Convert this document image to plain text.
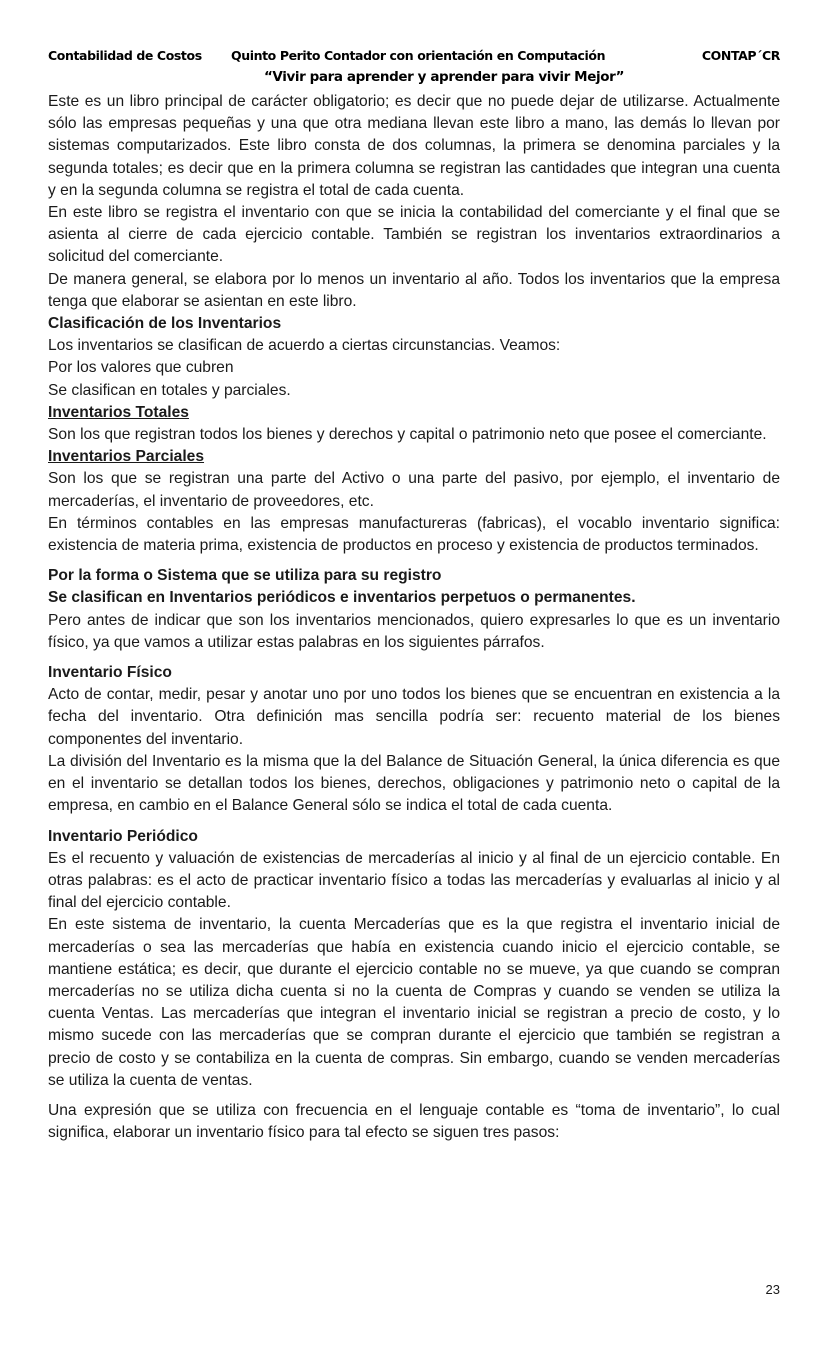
Contabilidad de Costos Quinto Perito Contador con orientación en Computación	CONTAP´CR
“Vivir para aprender y aprender para vivir Mejor”

Este es un libro principal de carácter obligatorio; es decir que no puede dejar de utilizarse. Actualmente sólo las empresas pequeñas y una que otra mediana llevan este libro a mano, las demás lo llevan por sistemas computarizados. Este libro consta de dos columnas, la primera se denomina parciales y la segunda totales; es decir que en la primera columna se registran las cantidades que integran una cuenta y en la segunda columna se registra el total de cada cuenta.

En este libro se registra el inventario con que se inicia la contabilidad del comerciante y el final que se asienta al cierre de cada ejercicio contable. También se registran los inventarios extraordinarios a solicitud del comerciante.

De manera general, se elabora por lo menos un inventario al año. Todos los inventarios que la empresa tenga que elaborar se asientan en este libro.

Clasificación de los Inventarios

Los inventarios se clasifican de acuerdo a ciertas circunstancias. Veamos:

Por los valores que cubren

Se clasifican en totales y parciales.

Inventarios Totales

Son los que registran todos los bienes y derechos y capital o patrimonio neto que posee el comerciante.

Inventarios Parciales

Son los que se registran una parte del Activo o una parte del pasivo, por ejemplo, el inventario de mercaderías, el inventario de proveedores, etc.

En términos contables en las empresas manufactureras (fabricas), el vocablo inventario significa: existencia de materia prima, existencia de productos en proceso y existencia de productos terminados.

Por la forma o Sistema que se utiliza para su registro

Se clasifican en Inventarios periódicos e inventarios perpetuos o permanentes.

Pero antes de indicar que son los inventarios mencionados, quiero expresarles lo que es un inventario físico, ya que vamos a utilizar estas palabras en los siguientes párrafos.

Inventario Físico

Acto de contar, medir, pesar y anotar uno por uno todos los bienes que se encuentran en existencia a la fecha del inventario. Otra definición mas sencilla podría ser: recuento material de los bienes componentes del inventario.

La división del Inventario es la misma que la del Balance de Situación General, la única diferencia es que en el inventario se detallan todos los bienes, derechos, obligaciones y patrimonio neto o capital de la empresa, en cambio en el Balance General sólo se indica el total de cada cuenta.

Inventario Periódico

Es el recuento y valuación de existencias de mercaderías al inicio y al final de un ejercicio contable. En otras palabras: es el acto de practicar inventario físico a todas las mercaderías y evaluarlas al inicio y al final del ejercicio contable.

En este sistema de inventario, la cuenta Mercaderías que es la que registra el inventario inicial de mercaderías o sea las mercaderías que había en existencia cuando inicio el ejercicio contable, se mantiene estática; es decir, que durante el ejercicio contable no se mueve, ya que cuando se compran mercaderías no se utiliza dicha cuenta si no la cuenta de Compras y cuando se venden se utiliza la cuenta Ventas. Las mercaderías que integran el inventario inicial se registran a precio de costo, y lo mismo sucede con las mercaderías que se compran durante el ejercicio que también se registran a precio de costo y se contabiliza en la cuenta de compras. Sin embargo, cuando se venden mercaderías se utiliza la cuenta de ventas.

Una expresión que se utiliza con frecuencia en el lenguaje contable es “toma de inventario”, lo cual significa, elaborar un inventario físico para tal efecto se siguen tres pasos:

23
